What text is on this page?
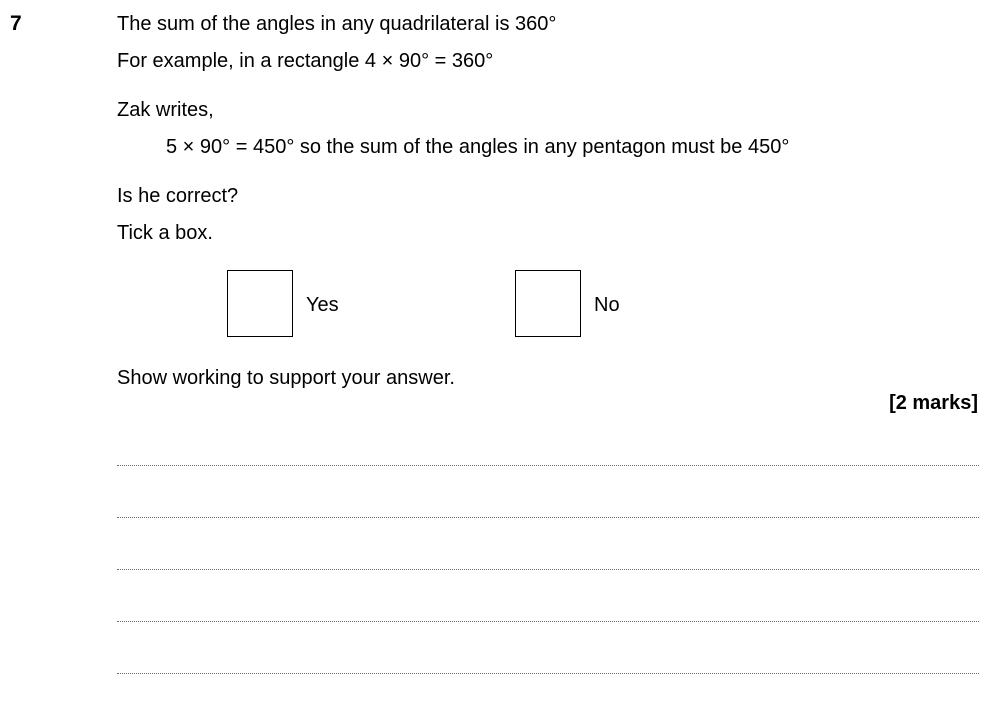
7	The sum of the angles in any quadrilateral is 360°
For example, in a rectangle 4 × 90° = 360°
Zak writes,
5 × 90° = 450° so the sum of the angles in any pentagon must be 450°
Is he correct?
Tick a box.
Yes	No
Show working to support your answer.
[2 marks]
